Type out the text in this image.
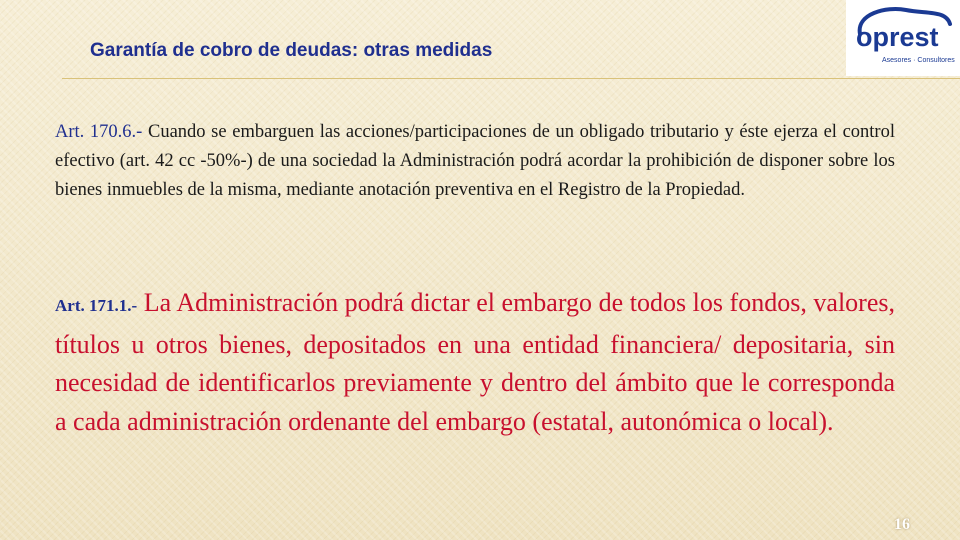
Garantía de cobro de deudas: otras medidas	oprest
Asesores · Consultores

Art. 170.6.- Cuando se embarguen las acciones/participaciones de un obligado tributario y éste ejerza el control efectivo (art. 42 cc -50%-) de una sociedad la Administración podrá acordar la prohibición de disponer sobre los bienes inmuebles de la misma, mediante anotación preventiva en el Registro de la Propiedad.

Art. 171.1.- La Administración podrá dictar el embargo de todos los fondos, valores, títulos u otros bienes, depositados en una entidad financiera/ depositaria, sin necesidad de identificarlos previamente y dentro del ámbito que le corresponda a cada administración ordenante del embargo (estatal, autonómica o local).

16
